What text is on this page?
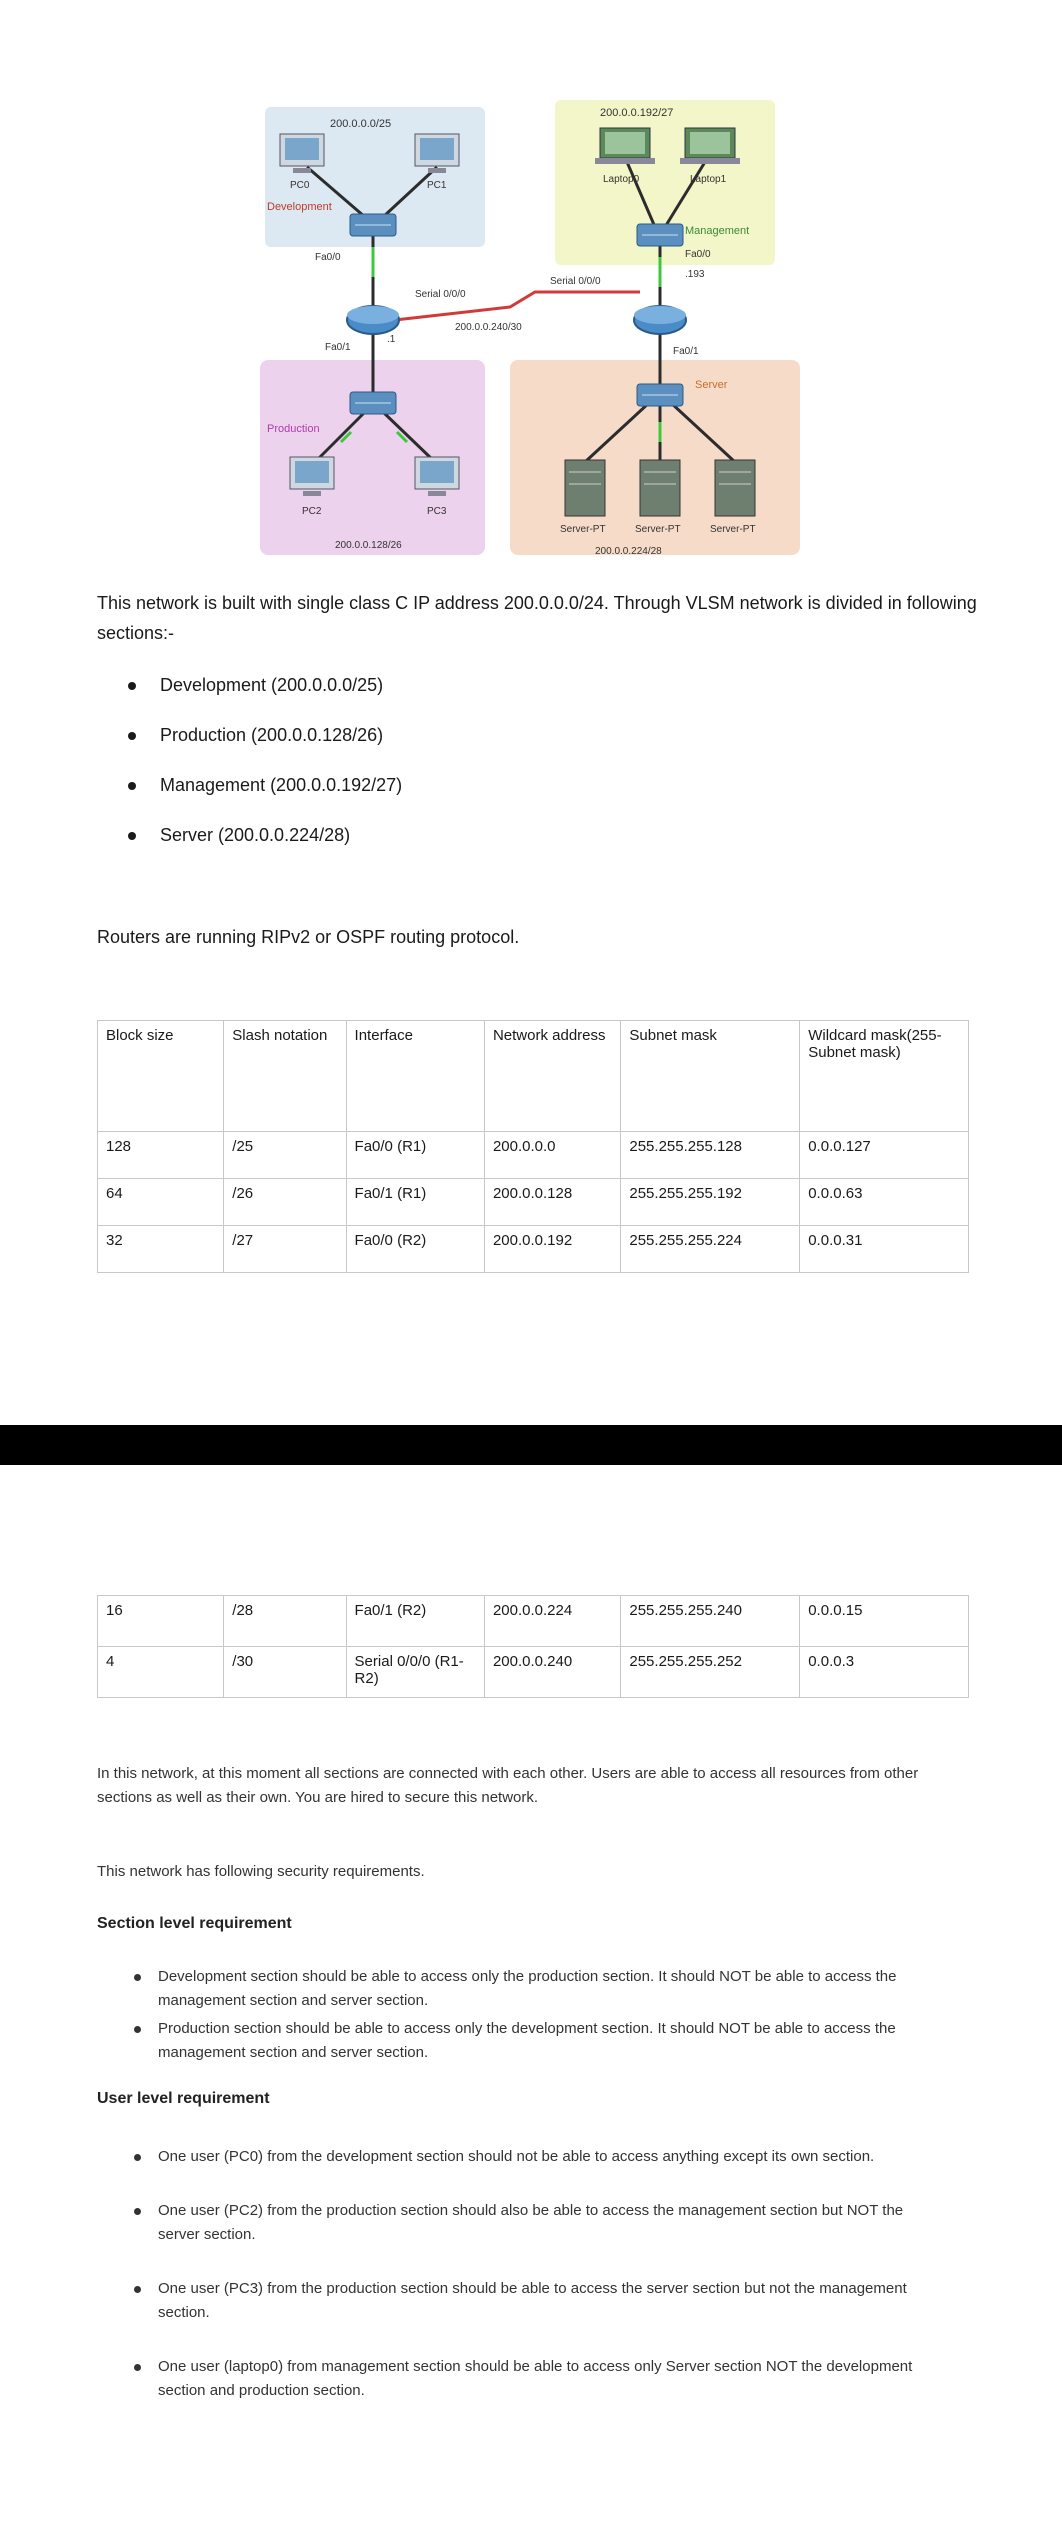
200.0.0.0/25
Development
200.0.0.192/27
Management
Production
200.0.0.128/26
Server
200.0.0.224/28
Serial 0/0/0
Serial 0/0/0
200.0.0.240/30
Fa0/0
Fa0/1
.1
Fa0/0
Fa0/1
.193
PC0	PC1
Laptop0	Laptop1
PC2	PC3
Server-PT	Server-PT	Server-PT
This network is built with single class C IP address 200.0.0.0/24. Through VLSM network is divided in following sections:-
Development (200.0.0.0/25)
Production (200.0.0.128/26)
Management (200.0.0.192/27)
Server (200.0.0.224/28)
Routers are running RIPv2 or OSPF routing protocol.
Block size	Slash notation	Interface	Network address	Subnet mask	Wildcard mask(255-Subnet mask)
128	/25	Fa0/0 (R1)	200.0.0.0	255.255.255.128	0.0.0.127
64	/26	Fa0/1 (R1)	200.0.0.128	255.255.255.192	0.0.0.63
32	/27	Fa0/0 (R2)	200.0.0.192	255.255.255.224	0.0.0.31
16	/28	Fa0/1 (R2)	200.0.0.224	255.255.255.240	0.0.0.15
4	/30	Serial 0/0/0 (R1-R2)	200.0.0.240	255.255.255.252	0.0.0.3
In this network, at this moment all sections are connected with each other. Users are able to access all resources from other sections as well as their own. You are hired to secure this network.
This network has following security requirements.
Section level requirement
Development section should be able to access only the production section. It should NOT be able to access the management section and server section.
Production section should be able to access only the development section. It should NOT be able to access the management section and server section.
User level requirement
One user (PC0) from the development section should not be able to access anything except its own section.
One user (PC2) from the production section should also be able to access the management section but NOT the server section.
One user (PC3) from the production section should be able to access the server section but not the management section.
One user (laptop0) from management section should be able to access only Server section NOT the development section and production section.
